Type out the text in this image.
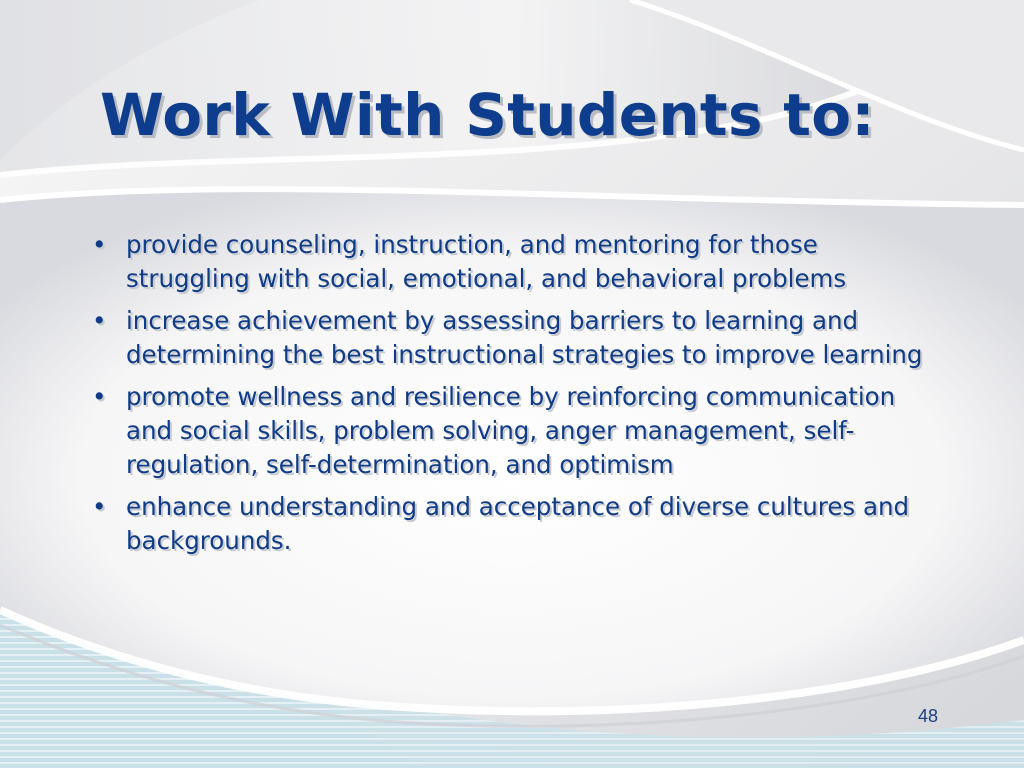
Work With Students to:
• provide counseling, instruction, and mentoring for those struggling with social, emotional, and behavioral problems
• increase achievement by assessing barriers to learning and determining the best instructional strategies to improve learning
• promote wellness and resilience by reinforcing communication and social skills, problem solving, anger management, self-regulation, self-determination, and optimism
• enhance understanding and acceptance of diverse cultures and backgrounds.
48
